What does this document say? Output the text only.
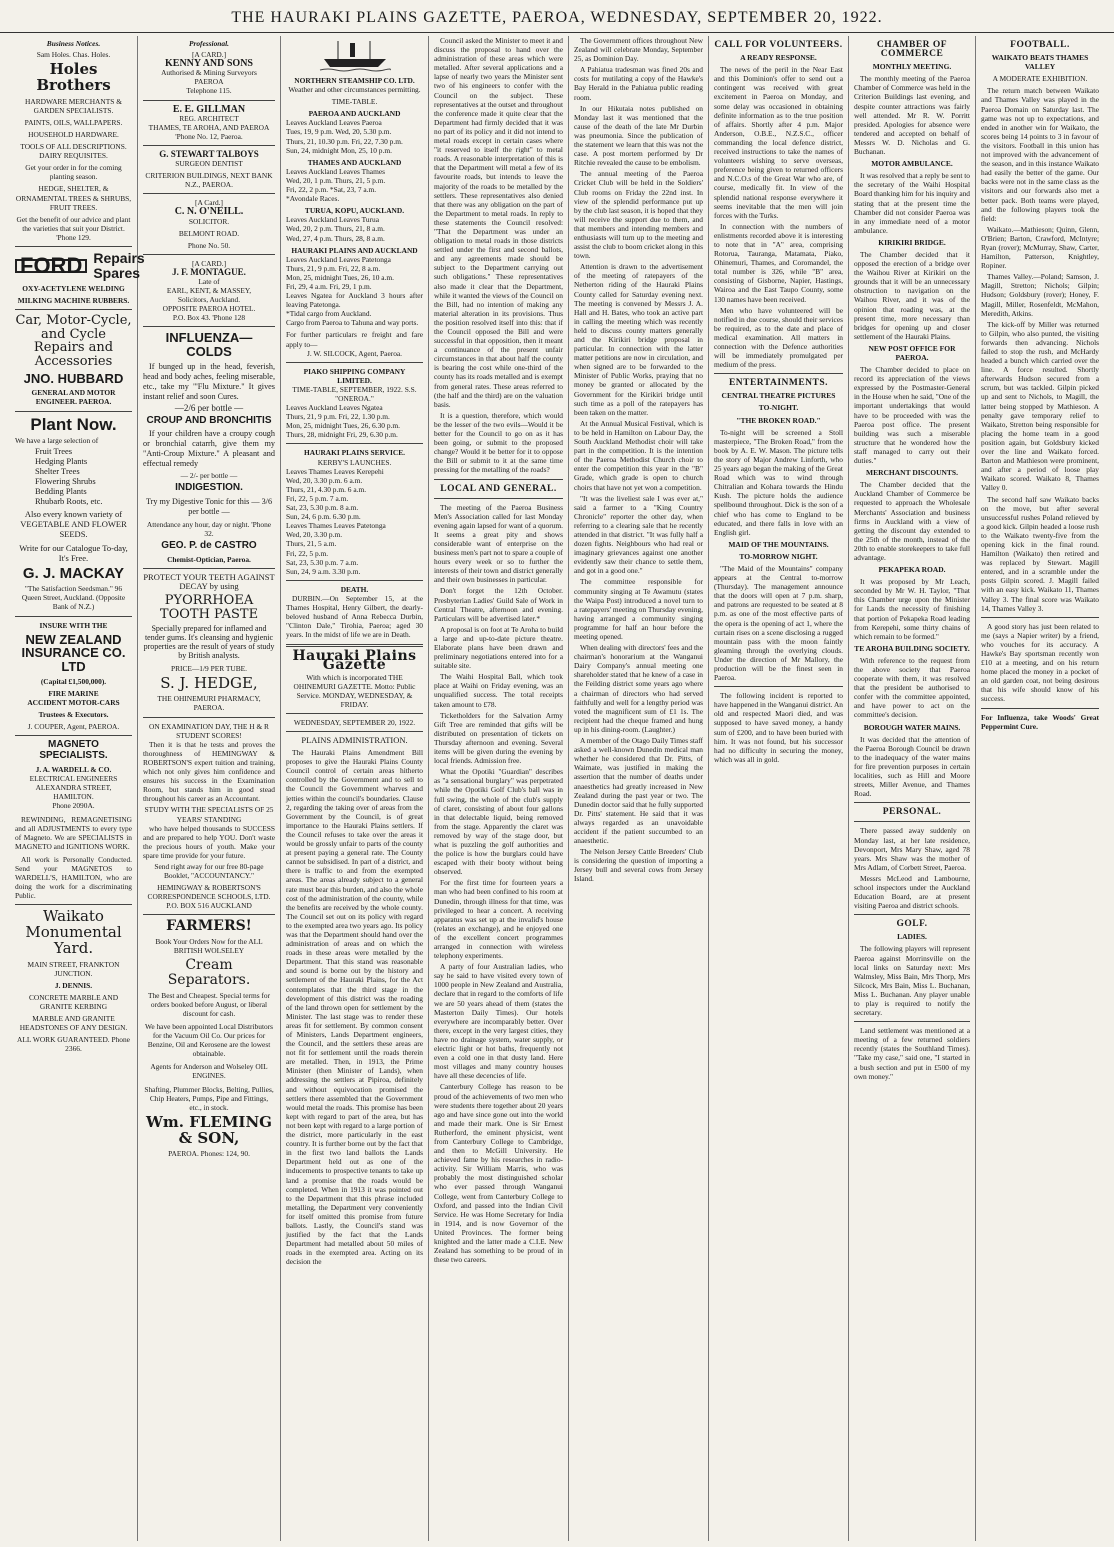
THE HAURAKI PLAINS GAZETTE, PAEROA, WEDNESDAY, SEPTEMBER 20, 1922.
Business Notices.
Sam Holes. Chas. Holes.
Holes Brothers
HARDWARE MERCHANTS & GARDEN SPECIALISTS.
PAINTS, OILS, WALLPAPERS.
HOUSEHOLD HARDWARE.
TOOLS OF ALL DESCRIPTIONS. DAIRY REQUISITES.
Get your order in for the coming planting season.
HEDGE, SHELTER, & ORNAMENTAL TREES & SHRUBS, FRUIT TREES.
Get the benefit of our advice and plant the varieties that suit your District.
'Phone 129.
FORD Repairs Spares
OXY-ACETYLENE WELDING
MILKING MACHINE RUBBERS.
Car, Motor-Cycle, and Cycle Repairs and Accessories
JNO. HUBBARD
GENERAL AND MOTOR ENGINEER. PAEROA.
Plant Now.
We have a large selection of
Fruit Trees
Hedging Plants
Shelter Trees
Flowering Shrubs
Bedding Plants
Rhubarb Roots, etc.
Also every known variety of VEGETABLE AND FLOWER SEEDS.
Write for our Catalogue To-day, It's Free.
G. J. MACKAY
"The Satisfaction Seedsman." 96 Queen Street, Auckland. (Opposite Bank of N.Z.)
INSURE WITH THE
NEW ZEALAND INSURANCE CO. LTD
(Capital £1,500,000).
FIRE MARINE
ACCIDENT MOTOR-CARS
Trustees & Executors.
J. COUPER, Agent, PAEROA.
MAGNETO SPECIALISTS.
J. A. WARDELL & CO.
ELECTRICAL ENGINEERS
ALEXANDRA STREET, HAMILTON.
Phone 2090A.

REWINDING, REMAGNETISING and all ADJUSTMENTS to every type of Magneto. We are SPECIALISTS in MAGNETO and IGNITIONS WORK.

All work is Personally Conducted. Send your MAGNETOS to WARDELL'S, HAMILTON, who are doing the work for a discriminating Public.

Waikato Monumental Yard.
MAIN STREET, FRANKTON JUNCTION.
J. DENNIS.
CONCRETE MARBLE AND GRANITE KERBING
MARBLE AND GRANITE HEADSTONES OF ANY DESIGN.
ALL WORK GUARANTEED. Phone 2366.
Professional.
[A CARD.]
KENNY AND SONS
Authorised & Mining Surveyors
PAEROA
Telephone 115.
E. E. GILLMAN
REG. ARCHITECT
THAMES, TE AROHA, AND PAEROA
'Phone No. 12, Paeroa.
G. STEWART TALBOYS
SURGEON DENTIST
CRITERION BUILDINGS, NEXT BANK N.Z., PAEROA.
[A Card.]
C. N. O'NEILL.
SOLICITOR.
BELMONT ROAD.
Phone No. 50.
[A CARD.]
J. F. MONTAGUE.
Late of
EARL, KENT, & MASSEY,
Solicitors, Auckland.
OPPOSITE PAEROA HOTEL.
P.O. Box 43. 'Phone 128
INFLUENZA—COLDS

If bunged up in the head, feverish, head and body aches, feeling miserable, etc., take my "'Flu Mixture." It gives instant relief and soon Cures.

—2/6 per bottle —
CROUP AND BRONCHITIS

If your children have a croupy cough or bronchial catarrh, give them my "Anti-Croup Mixture." A pleasant and effectual remedy

— 2/- per bottle —
INDIGESTION.
Try my Digestive Tonic for this — 3/6 per bottle —
Attendance any hour, day or night. 'Phone 32.
GEO. P. de CASTRO
Chemist-Optician, Paeroa.
PROTECT YOUR TEETH AGAINST DECAY by using
PYORRHOEA TOOTH PASTE
Specially prepared for inflamed and tender gums. It's cleansing and hygienic properties are the result of years of study by British analysts.
PRICE—1/9 PER TUBE.
S. J. HEDGE,
THE OHINEMURI PHARMACY, PAEROA.
ON EXAMINATION DAY, THE H & R STUDENT SCORES!

Then it is that he tests and proves the thoroughness of HEMINGWAY & ROBERTSON'S expert tuition and training, which not only gives him confidence and ensures his success in the Examination Room, but stands him in good stead throughout his career as an Accountant.

STUDY WITH THE SPECIALISTS OF 25 YEARS' STANDING

who have helped thousands to SUCCESS and are prepared to help YOU. Don't waste the precious hours of youth. Make your spare time provide for your future.

Send right away for our free 80-page Booklet, "ACCOUNTANCY."
HEMINGWAY & ROBERTSON'S CORRESPONDENCE SCHOOLS, LTD. P.O. BOX 516 AUCKLAND
FARMERS!
Book Your Orders Now for the ALL BRITISH WOLSELEY
Cream Separators.
The Best and Cheapest. Special terms for orders booked before August, or liberal discount for cash.
We have been appointed Local Distributors for the Vacuum Oil Co. Our prices for Benzine, Oil and Kerosene are the lowest obtainable.
Agents for Anderson and Wolseley OIL ENGINES.
Shafting, Plummer Blocks, Belting, Pullies, Chip Heaters, Pumps, Pipe and Fittings, etc., in stock.
Wm. FLEMING & SON,
PAEROA. Phones: 124, 90.
NORTHERN STEAMSHIP CO. LTD.
Weather and other circumstances permitting.
TIME-TABLE.
PAEROA AND AUCKLAND
Leaves Auckland Leaves Paeroa
Tues, 19, 9 p.m. Wed, 20, 5.30 p.m.
Thurs, 21, 10.30 p.m. Fri, 22, 7.30 p.m.
Sun, 24, midnight Mon, 25, 10 p.m.
THAMES AND AUCKLAND
Leaves Auckland Leaves Thames
Wed, 20, 1 p.m. Thurs, 21, 5 p.m.
Fri, 22, 2 p.m. *Sat, 23, 7 a.m.
*Avondale Races.
TURUA, KOPU, AUCKLAND.
Leaves Auckland Leaves Turua
Wed, 20, 2 p.m. Thurs, 21, 8 a.m.
Wed, 27, 4 p.m. Thurs, 28, 8 a.m.
HAURAKI PLAINS AND AUCKLAND
Leaves Auckland Leaves Patetonga
Thurs, 21, 9 p.m. Fri, 22, 8 a.m.
Mon, 25, midnight Tues, 26, 10 a.m.
Fri, 29, 4 a.m. Fri, 29, 1 p.m.
Leaves Ngatea for Auckland 3 hours after leaving Patetonga.
*Tidal cargo from Auckland.
Cargo from Paeroa to Tahuna and way ports.
For further particulars re freight and fare apply to—
J. W. SILCOCK, Agent, Paeroa.
PIAKO SHIPPING COMPANY LIMITED.
TIME-TABLE, SEPTEMBER, 1922. S.S. "ONEROA."
Leaves Auckland Leaves Ngatea
Thurs, 21, 9 p.m. Fri, 22, 1.30 p.m.
Mon, 25, midnight Tues, 26, 6.30 p.m.
Thurs, 28, midnight Fri, 29, 6.30 p.m.
HAURAKI PLAINS SERVICE.
KERBY'S LAUNCHES.
Leaves Thames Leaves Kerepehi
Wed, 20, 3.30 p.m. 6 a.m.
Thurs, 21, 4.30 p.m. 6 a.m.
Fri, 22, 5 p.m. 7 a.m.
Sat, 23, 5.30 p.m. 8 a.m.
Sun, 24, 6 p.m. 6.30 p.m.
Leaves Thames Leaves Patetonga
Wed, 20, 3.30 p.m.
Thurs, 21, 5 a.m.
Fri, 22, 5 p.m.
Sat, 23, 5.30 p.m. 7 a.m.
Sun, 24, 9 a.m. 3.30 p.m.
DEATH.

DURBIN.—On September 15, at the Thames Hospital, Henry Gilbert, the dearly-beloved husband of Anna Rebecca Durbin, "Clinton Dale," Tirohia, Paeroa; aged 30 years. In the midst of life we are in Death.

Hauraki Plains Gazette
With which is incorporated THE OHINEMURI GAZETTE. Motto: Public Service. MONDAY, WEDNESDAY, & FRIDAY.
WEDNESDAY, SEPTEMBER 20, 1922.
PLAINS ADMINISTRATION.

The Hauraki Plains Amendment Bill proposes to give the Hauraki Plains County Council control of certain areas hitherto controlled by the Government and to sell to the Council the Government wharves and jetties within the council's boundaries. Clause 2, regarding the taking over of areas from the Government by the Council, is of great importance to the Hauraki Plains settlers. If the Council refuses to take over the areas it would be grossly unfair to parts of the county at present paying a general rate. The County cannot be subsidised. In part of a district, and there is traffic to and from the exempted areas. The areas already subject to a general rate must bear this burden, and also the whole cost of the administration of the county, while the benefits are received by the whole county. The Council set out on its policy with regard to the exempted area two years ago. Its policy was that the Department should hand over the administration of areas and on which the roads in these areas were metalled by the Department. That this stand was reasonable and sound is borne out by the history and settlement of the Hauraki Plains, for the Act contemplates that the third stage in the development of this district was the roading of the land thrown open for settlement by the Minister. The last stage was to render these areas fit for settlement. By common consent of Ministers, Lands Department engineers, the Council, and the settlers these areas are not fit for settlement until the roads therein are metalled. Then, in 1913, the Prime Minister (then Minister of Lands), when addressing the settlers at Pipiroa, definitely and without equivocation promised the settlers there assembled that the Government would metal the roads. This promise has been kept with regard to part of the area, but has not been kept with regard to a large portion of the district, more particularly in the east country. It is further borne out by the fact that in the first two land ballots the Lands Department held out as one of the inducements to prospective tenants to take up land a promise that the roads would be completed. When in 1913 it was pointed out to the Department that this phrase included metalling, the Department very conveniently for itself omitted this promise from future ballots. Lastly, the Council's stand was justified by the fact that the Lands Department had metalled about 50 miles of roads in the exempted area. Acting on its decision the

Council asked the Minister to meet it and discuss the proposal to hand over the administration of these areas which were metalled. After several applications and a lapse of nearly two years the Minister sent two of his engineers to confer with the Council on the subject. These representatives at the outset and throughout the conference made it quite clear that the Department had firmly decided that it was no part of its policy and it did not intend to metal roads except in certain cases where "it reserved to itself the right" to metal roads. A reasonable interpretation of this is that the Department will metal a few of its favourite roads, but intends to leave the majority of the roads to be metalled by the settlers. These representatives also denied that there was any obligation on the part of the Department to metal roads. In reply to these statements the Council resolved: "That the Department was under an obligation to metal roads in those districts settled under the first and second ballots, and any agreements made should be subject to the Department carrying out such obligations." These representatives also made it clear that the Department, while it wanted the views of the Council on the Bill, had no intention of making any material alteration in its provisions. Thus the position resolved itself into this: that if the Council opposed the Bill and were successful in that opposition, then it meant a continuance of the present unfair circumstances in that about half the county is bearing the cost while one-third of the county has its roads metalled and is exempt from general rates. These areas referred to (the half and the third) are on the valuation basis.

It is a question, therefore, which would be the lesser of the two evils—Would it be better for the Council to go on as it has been going, or submit to the proposed change? Would it be better for it to oppose the Bill or submit to it at the same time pressing for the metalling of the roads?

LOCAL AND GENERAL.

The meeting of the Paeroa Business Men's Association called for last Monday evening again lapsed for want of a quorum. It seems a great pity and shows considerable want of enterprise on the business men's part not to spare a couple of hours every week or so to further the interests of their town and district generally and their own businesses in particular.

Don't forget the 12th October. Presbyterian Ladies' Guild Sale of Work in Central Theatre, afternoon and evening. Particulars will be advertised later.*

A proposal is on foot at Te Aroha to build a large and up-to-date picture theatre. Elaborate plans have been drawn and preliminary negotiations entered into for a suitable site.

The Waihi Hospital Ball, which took place at Waihi on Friday evening, was an unqualified success. The total receipts taken amount to £78.

Ticketholders for the Salvation Army Gift Tree are reminded that gifts will be distributed on presentation of tickets on Thursday afternoon and evening. Several items will be given during the evening by local friends. Admission free.

What the Opotiki "Guardian" describes as "a sensational burglary" was perpetrated while the Opotiki Golf Club's ball was in full swing, the whole of the club's supply of claret, consisting of about four gallons in that delectable liquid, being removed from the stage. Apparently the claret was removed by way of the stage door, but what is puzzling the golf authorities and the police is how the burglars could have escaped with their booty without being observed.

For the first time for fourteen years a man who had been confined to his room at Dunedin, through illness for that time, was privileged to hear a concert. A receiving apparatus was set up at the invalid's house (relates an exchange), and he enjoyed one of the excellent concert programmes arranged in connection with wireless telephony experiments.

A party of four Australian ladies, who say he said to have visited every town of 1000 people in New Zealand and Australia, declare that in regard to the comforts of life we are 50 years ahead of them (states the Masterton Daily Times). Our hotels everywhere are incomparably better. Over there, except in the very largest cities, they have no drainage system, water supply, or electric light or hot baths, frequently not even a cold one in that dusty land. Here most villages and many country houses have all these decencies of life.

Canterbury College has reason to be proud of the achievements of two men who were students there together about 20 years ago and have since gone out into the world and made their mark. One is Sir Ernest Rutherford, the eminent physicist, went from Canterbury College to Cambridge, and then to McGill University. He achieved fame by his researches in radio-activity. Sir William Marris, who was probably the most distinguished scholar who ever passed through Wanganui College, went from Canterbury College to Oxford, and passed into the Indian Civil Service. He was Home Secretary for India in 1914, and is now Governor of the United Provinces. The former being knighted and the latter made a C.I.E. New Zealand has something to be proud of in these two careers.

The Government offices throughout New Zealand will celebrate Monday, September 25, as Dominion Day.

A Pahiatua tradesman was fined 20s and costs for mutilating a copy of the Hawke's Bay Herald in the Pahiatua public reading room.

In our Hikutaia notes published on Monday last it was mentioned that the cause of the death of the late Mr Durbin was pneumonia. Since the publication of the statement we learn that this was not the case. A post mortem performed by Dr Ritchie revealed the cause to be embolism.

The annual meeting of the Paeroa Cricket Club will be held in the Soldiers' Club rooms on Friday the 22nd inst. In view of the splendid performance put up by the club last season, it is hoped that they will receive the support due to them, and that members and intending members and enthusiasts will turn up to the meeting and assist the club to boom cricket along in this town.

Attention is drawn to the advertisement of the meeting of ratepayers of the Netherton riding of the Hauraki Plains County called for Saturday evening next. The meeting is convened by Messrs J. A. Hall and H. Bates, who took an active part in calling the meeting which was recently held to discuss county matters generally and the Kirikiri bridge proposal in particular. In connection with the latter matter petitions are now in circulation, and when signed are to be forwarded to the Minister of Public Works, praying that no money be granted or allocated by the Government for the Kirikiri bridge until such time as a poll of the ratepayers has been taken on the matter.

At the Annual Musical Festival, which is to be held in Hamilton on Labour Day, the South Auckland Methodist choir will take part in the competition. It is the intention of the Paeroa Methodist Church choir to enter the competition this year in the "B" Grade, which grade is open to church choirs that have not yet won a competition.

"It was the liveliest sale I was ever at," said a farmer to a "King Country Chronicle" reporter the other day, when referring to a clearing sale that he recently attended in that district. "It was fully half a dozen fights. Neighbours who had real or imaginary grievances against one another evidently saw their chance to settle them, and got in a good one."

The committee responsible for community singing at Te Awamutu (states the Waipa Post) introduced a novel turn to a ratepayers' meeting on Thursday evening, having arranged a community singing programme for half an hour before the meeting opened.

When dealing with directors' fees and the chairman's honorarium at the Wanganui Dairy Company's annual meeting one shareholder stated that he knew of a case in the Feilding district some years ago where a chairman of directors who had served faithfully and well for a lengthy period was voted the magnificent sum of £1 1s. The recipient had the cheque framed and hung up in his dining-room. (Laughter.)

A member of the Otago Daily Times staff asked a well-known Dunedin medical man whether he considered that Dr. Pitts, of Waimate, was justified in making the assertion that the number of deaths under anaesthetics had greatly increased in New Zealand during the past year or two. The Dunedin doctor said that he fully supported Dr. Pitts' statement. He said that it was always regarded as an unavoidable accident if the patient succumbed to an anaesthetic.

The Nelson Jersey Cattle Breeders' Club is considering the question of importing a Jersey bull and several cows from Jersey Island.

CALL FOR VOLUNTEERS.
A READY RESPONSE.

The news of the peril in the Near East and this Dominion's offer to send out a contingent was received with great excitement in Paeroa on Monday, and some delay was occasioned in obtaining definite information as to the true position of affairs. Shortly after 4 p.m. Major Anderson, O.B.E., N.Z.S.C., officer commanding the local defence district, received instructions to take the names of volunteers wishing to serve overseas, preference being given to returned officers and N.C.O.s of the Great War who are, of course, medically fit. In view of the splendid national response everywhere it seems inevitable that the men will join forces with the Turks.

In connection with the numbers of enlistments recorded above it is interesting to note that in "A" area, comprising Rotorua, Tauranga, Matamata, Piako, Ohinemuri, Thames, and Coromandel, the total number is 326, while "B" area, consisting of Gisborne, Napier, Hastings, Wairoa and the East Taupo County, some 130 names have been received.

Men who have volunteered will be notified in due course, should their services be required, as to the date and place of medical examination. All matters in connection with the Defence authorities will be immediately promulgated per medium of the press.

ENTERTAINMENTS.
CENTRAL THEATRE PICTURES
TO-NIGHT.
"THE BROKEN ROAD."

To-night will be screened a Stoll masterpiece, "The Broken Road," from the book by A. E. W. Mason. The picture tells the story of Major Andrew Linforth, who 25 years ago began the making of the Great Road which was to wind through Chitralian and Kohara towards the Hindu Kush. The picture holds the audience spellbound throughout. Dick is the son of a chief who has come to England to be educated, and there falls in love with an English girl.

MAID OF THE MOUNTAINS.
TO-MORROW NIGHT.

"The Maid of the Mountains" company appears at the Central to-morrow (Thursday). The management announce that the doors will open at 7 p.m. sharp, and patrons are requested to be seated at 8 p.m. as one of the most effective parts of the opera is the opening of act 1, where the curtain rises on a scene disclosing a rugged mountain pass with the moon faintly gleaming through the overlying clouds. Under the direction of Mr Mallory, the production will be the finest seen in Paeroa.

The following incident is reported to have happened in the Wanganui district. An old and respected Maori died, and was supposed to have saved money, a handy sum of £200, and to have been buried with him. It was not found, but his successor had no difficulty in securing the money, which was all in gold.

CHAMBER OF COMMERCE
MONTHLY MEETING.

The monthly meeting of the Paeroa Chamber of Commerce was held in the Criterion Buildings last evening, and despite counter attractions was fairly well attended. Mr R. W. Porritt presided. Apologies for absence were tendered and accepted on behalf of Messrs W. D. Nicholas and G. Buchanan.

MOTOR AMBULANCE.

It was resolved that a reply be sent to the secretary of the Waihi Hospital Board thanking him for his inquiry and stating that at the present time the Chamber did not consider Paeroa was in any immediate need of a motor ambulance.

KIRIKIRI BRIDGE.

The Chamber decided that it opposed the erection of a bridge over the Waihou River at Kirikiri on the grounds that it will be an unnecessary obstruction to navigation on the Waihou River, and it was of the opinion that roading was, at the present time, more necessary than bridges for opening up and closer settlement of the Hauraki Plains.

NEW POST OFFICE FOR PAEROA.

The Chamber decided to place on record its appreciation of the views expressed by the Postmaster-General in the House when he said, "One of the important undertakings that would have to be proceeded with was the Paeroa post office. The present building was such a miserable structure that he wondered how the staff managed to carry out their duties."

MERCHANT DISCOUNTS.

The Chamber decided that the Auckland Chamber of Commerce be requested to approach the Wholesale Merchants' Association and business firms in Auckland with a view of getting the discount day extended to the 25th of the month, instead of the 20th to enable storekeepers to take full advantage.

PEKAPEKA ROAD.

It was proposed by Mr Leach, seconded by Mr W. H. Taylor, "That this Chamber urge upon the Minister for Lands the necessity of finishing that portion of Pekapeka Road leading from Kerepehi, some thirty chains of which remain to be formed."

TE AROHA BUILDING SOCIETY.

With reference to the request from the above society that Paeroa cooperate with them, it was resolved that the president be authorised to confer with the committee appointed, and have power to act on the committee's decision.

BOROUGH WATER MAINS.

It was decided that the attention of the Paeroa Borough Council be drawn to the inadequacy of the water mains for fire prevention purposes in certain localities, such as Hill and Moore streets, Miller Avenue, and Thames Road.

PERSONAL.

There passed away suddenly on Monday last, at her late residence, Devonport, Mrs Mary Shaw, aged 78 years. Mrs Shaw was the mother of Mrs Adlam, of Corbett Street, Paeroa.

Messrs McLeod and Lambourne, school inspectors under the Auckland Education Board, are at present visiting Paeroa and district schools.

GOLF.
LADIES.

The following players will represent Paeroa against Morrinsville on the local links on Saturday next: Mrs Walmsley, Miss Bain, Mrs Thorp, Mrs Silcock, Mrs Bain, Miss L. Buchanan, Miss L. Buchanan. Any player unable to play is required to notify the secretary.

Land settlement was mentioned at a meeting of a few returned soldiers recently (states the Southland Times). "Take my case," said one, "I started in a bush section and put in £500 of my own money."

FOOTBALL.
WAIKATO BEATS THAMES VALLEY
A MODERATE EXHIBITION.

The return match between Waikato and Thames Valley was played in the Paeroa Domain on Saturday last. The game was not up to expectations, and ended in another win for Waikato, the scores being 14 points to 3 in favour of the visitors. Football in this union has not improved with the advancement of the season, and in this instance Waikato had easily the better of the game. Our backs were not in the same class as the visitors and our forwards also met a better pack. Both teams were played, and the following players took the field:

Waikato.—Mathieson; Quinn, Glenn, O'Brien; Barton, Crawford, McIntyre; Ryan (rover); McMurray, Shaw, Carter, Hamilton, Patterson, Knightley, Ropiner.

Thames Valley.—Poland; Samson, J. Magill, Stretton; Nichols; Gilpin; Hudson; Goldsbury (rover); Honey, F. Magill, Miller, Rosenfeldt, McMahon, Meredith, Atkins.

The kick-off by Miller was returned to Gilpin, who also punted, the visiting forwards then advancing. Nichols failed to stop the rush, and McHardy headed a bunch which carried over the line. A force resulted. Shortly afterwards Hudson secured from a scrum, but was tackled. Gilpin picked up and sent to Nichols, to Magill, the latter being stopped by Mathieson. A penalty gave temporary relief to Waikato, Stretton being responsible for placing the home team in a good position again, but Goldsbury kicked over the line and Waikato forced. Barton and Mathieson were prominent, and after a period of loose play Waikato scored. Waikato 8, Thames Valley 0.

The second half saw Waikato backs on the move, but after several unsuccessful rushes Poland relieved by a good kick. Gilpin headed a loose rush to the Waikato twenty-five from the opening kick in the final round. Hamilton (Waikato) then retired and was replaced by Stewart. Magill entered, and in a scramble under the posts Gilpin scored. J. Magill failed with an easy kick. Waikato 11, Thames Valley 3. The final score was Waikato 14, Thames Valley 3.

A good story has just been related to me (says a Napier writer) by a friend, who vouches for its accuracy. A Hawke's Bay sportsman recently won £10 at a meeting, and on his return home placed the money in a pocket of an old garden coat, not being desirous that his wife should know of his success.

For Influenza, take Woods' Great Peppermint Cure.
